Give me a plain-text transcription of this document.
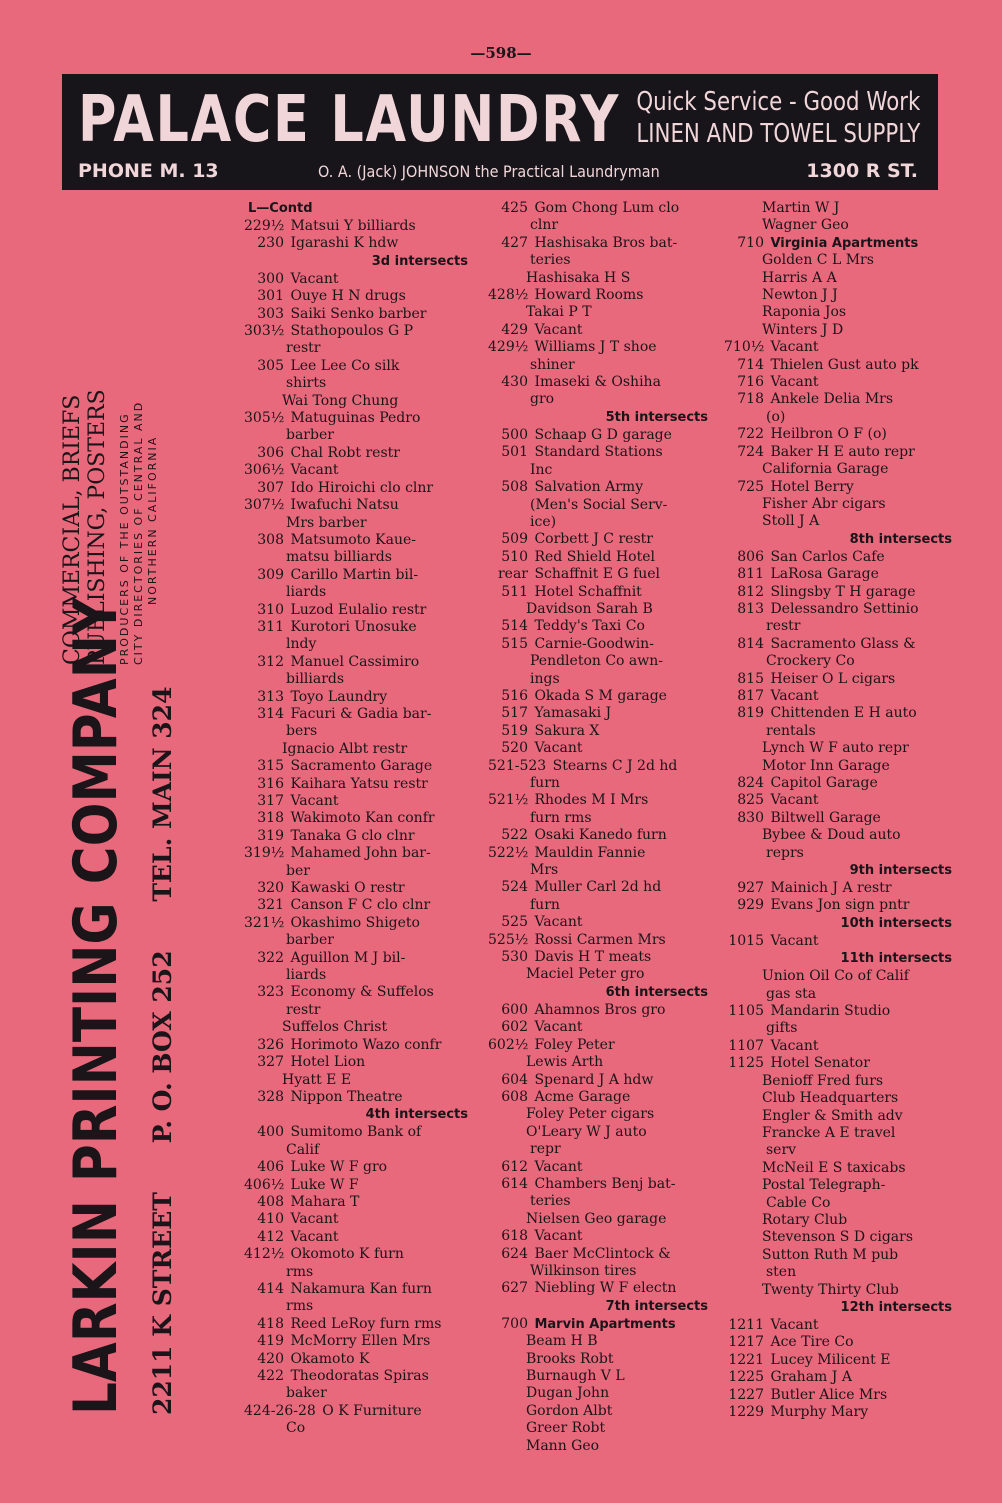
—598—
PALACE LAUNDRY Quick Service - Good Work
LINEN AND TOWEL SUPPLY
PHONE M. 13	O. A. (Jack) JOHNSON the Practical Laundryman	1300 R ST.
LARKIN PRINTING COMPANY 2211 K STREET P. O. BOX 252 TEL. MAIN 324
COMMERCIAL, BRIEFS PUBLISHING, POSTERS PRODUCERS OF THE OUTSTANDING CITY DIRECTORIES OF CENTRAL AND NORTHERN CALIFORNIA
L—Contd
229½ Matsui Y billiards
230 Igarashi K hdw
3d intersects
300 Vacant
301 Ouye H N drugs
303 Saiki Senko barber
303½ Stathopoulos G P
restr
305 Lee Lee Co silk
shirts
Wai Tong Chung
305½ Matuguinas Pedro
barber
306 Chal Robt restr
306½ Vacant
307 Ido Hiroichi clo clnr
307½ Iwafuchi Natsu
Mrs barber
308 Matsumoto Kaue-
matsu billiards
309 Carillo Martin bil-
liards
310 Luzod Eulalio restr
311 Kurotori Unosuke
lndy
312 Manuel Cassimiro
billiards
313 Toyo Laundry
314 Facuri & Gadia bar-
bers
Ignacio Albt restr
315 Sacramento Garage
316 Kaihara Yatsu restr
317 Vacant
318 Wakimoto Kan confr
319 Tanaka G clo clnr
319½ Mahamed John bar-
ber
320 Kawaski O restr
321 Canson F C clo clnr
321½ Okashimo Shigeto
barber
322 Aguillon M J bil-
liards
323 Economy & Suffelos
restr
Suffelos Christ
326 Horimoto Wazo confr
327 Hotel Lion
Hyatt E E
328 Nippon Theatre
4th intersects
400 Sumitomo Bank of
Calif
406 Luke W F gro
406½ Luke W F
408 Mahara T
410 Vacant
412 Vacant
412½ Okomoto K furn
rms
414 Nakamura Kan furn
rms
418 Reed LeRoy furn rms
419 McMorry Ellen Mrs
420 Okamoto K
422 Theodoratas Spiras
baker
424-26-28 O K Furniture
Co
425 Gom Chong Lum clo
clnr
427 Hashisaka Bros bat-
teries
Hashisaka H S
428½ Howard Rooms
Takai P T
429 Vacant
429½ Williams J T shoe
shiner
430 Imaseki & Oshiha
gro
5th intersects
500 Schaap G D garage
501 Standard Stations
Inc
508 Salvation Army
(Men's Social Serv-
ice)
509 Corbett J C restr
510 Red Shield Hotel
rear Schaffnit E G fuel
511 Hotel Schaffnit
Davidson Sarah B
514 Teddy's Taxi Co
515 Carnie-Goodwin-
Pendleton Co awn-
ings
516 Okada S M garage
517 Yamasaki J
519 Sakura X
520 Vacant
521-523 Stearns C J 2d hd
furn
521½ Rhodes M I Mrs
furn rms
522 Osaki Kanedo furn
522½ Mauldin Fannie
Mrs
524 Muller Carl 2d hd
furn
525 Vacant
525½ Rossi Carmen Mrs
530 Davis H T meats
Maciel Peter gro
6th intersects
600 Ahamnos Bros gro
602 Vacant
602½ Foley Peter
Lewis Arth
604 Spenard J A hdw
608 Acme Garage
Foley Peter cigars
O'Leary W J auto
repr
612 Vacant
614 Chambers Benj bat-
teries
Nielsen Geo garage
618 Vacant
624 Baer McClintock &
Wilkinson tires
627 Niebling W F electn
7th intersects
700 Marvin Apartments
Beam H B
Brooks Robt
Burnaugh V L
Dugan John
Gordon Albt
Greer Robt
Mann Geo
Martin W J
Wagner Geo
710 Virginia Apartments
Golden C L Mrs
Harris A A
Newton J J
Raponia Jos
Winters J D
710½ Vacant
714 Thielen Gust auto pk
716 Vacant
718 Ankele Delia Mrs
(o)
722 Heilbron O F (o)
724 Baker H E auto repr
California Garage
725 Hotel Berry
Fisher Abr cigars
Stoll J A
8th intersects
806 San Carlos Cafe
811 LaRosa Garage
812 Slingsby T H garage
813 Delessandro Settinio
restr
814 Sacramento Glass &
Crockery Co
815 Heiser O L cigars
817 Vacant
819 Chittenden E H auto
rentals
Lynch W F auto repr
Motor Inn Garage
824 Capitol Garage
825 Vacant
830 Biltwell Garage
Bybee & Doud auto
reprs
9th intersects
927 Mainich J A restr
929 Evans Jon sign pntr
10th intersects
1015 Vacant
11th intersects
Union Oil Co of Calif
gas sta
1105 Mandarin Studio
gifts
1107 Vacant
1125 Hotel Senator
Benioff Fred furs
Club Headquarters
Engler & Smith adv
Francke A E travel
serv
McNeil E S taxicabs
Postal Telegraph-
Cable Co
Rotary Club
Stevenson S D cigars
Sutton Ruth M pub
sten
Twenty Thirty Club
12th intersects
1211 Vacant
1217 Ace Tire Co
1221 Lucey Milicent E
1225 Graham J A
1227 Butler Alice Mrs
1229 Murphy Mary
